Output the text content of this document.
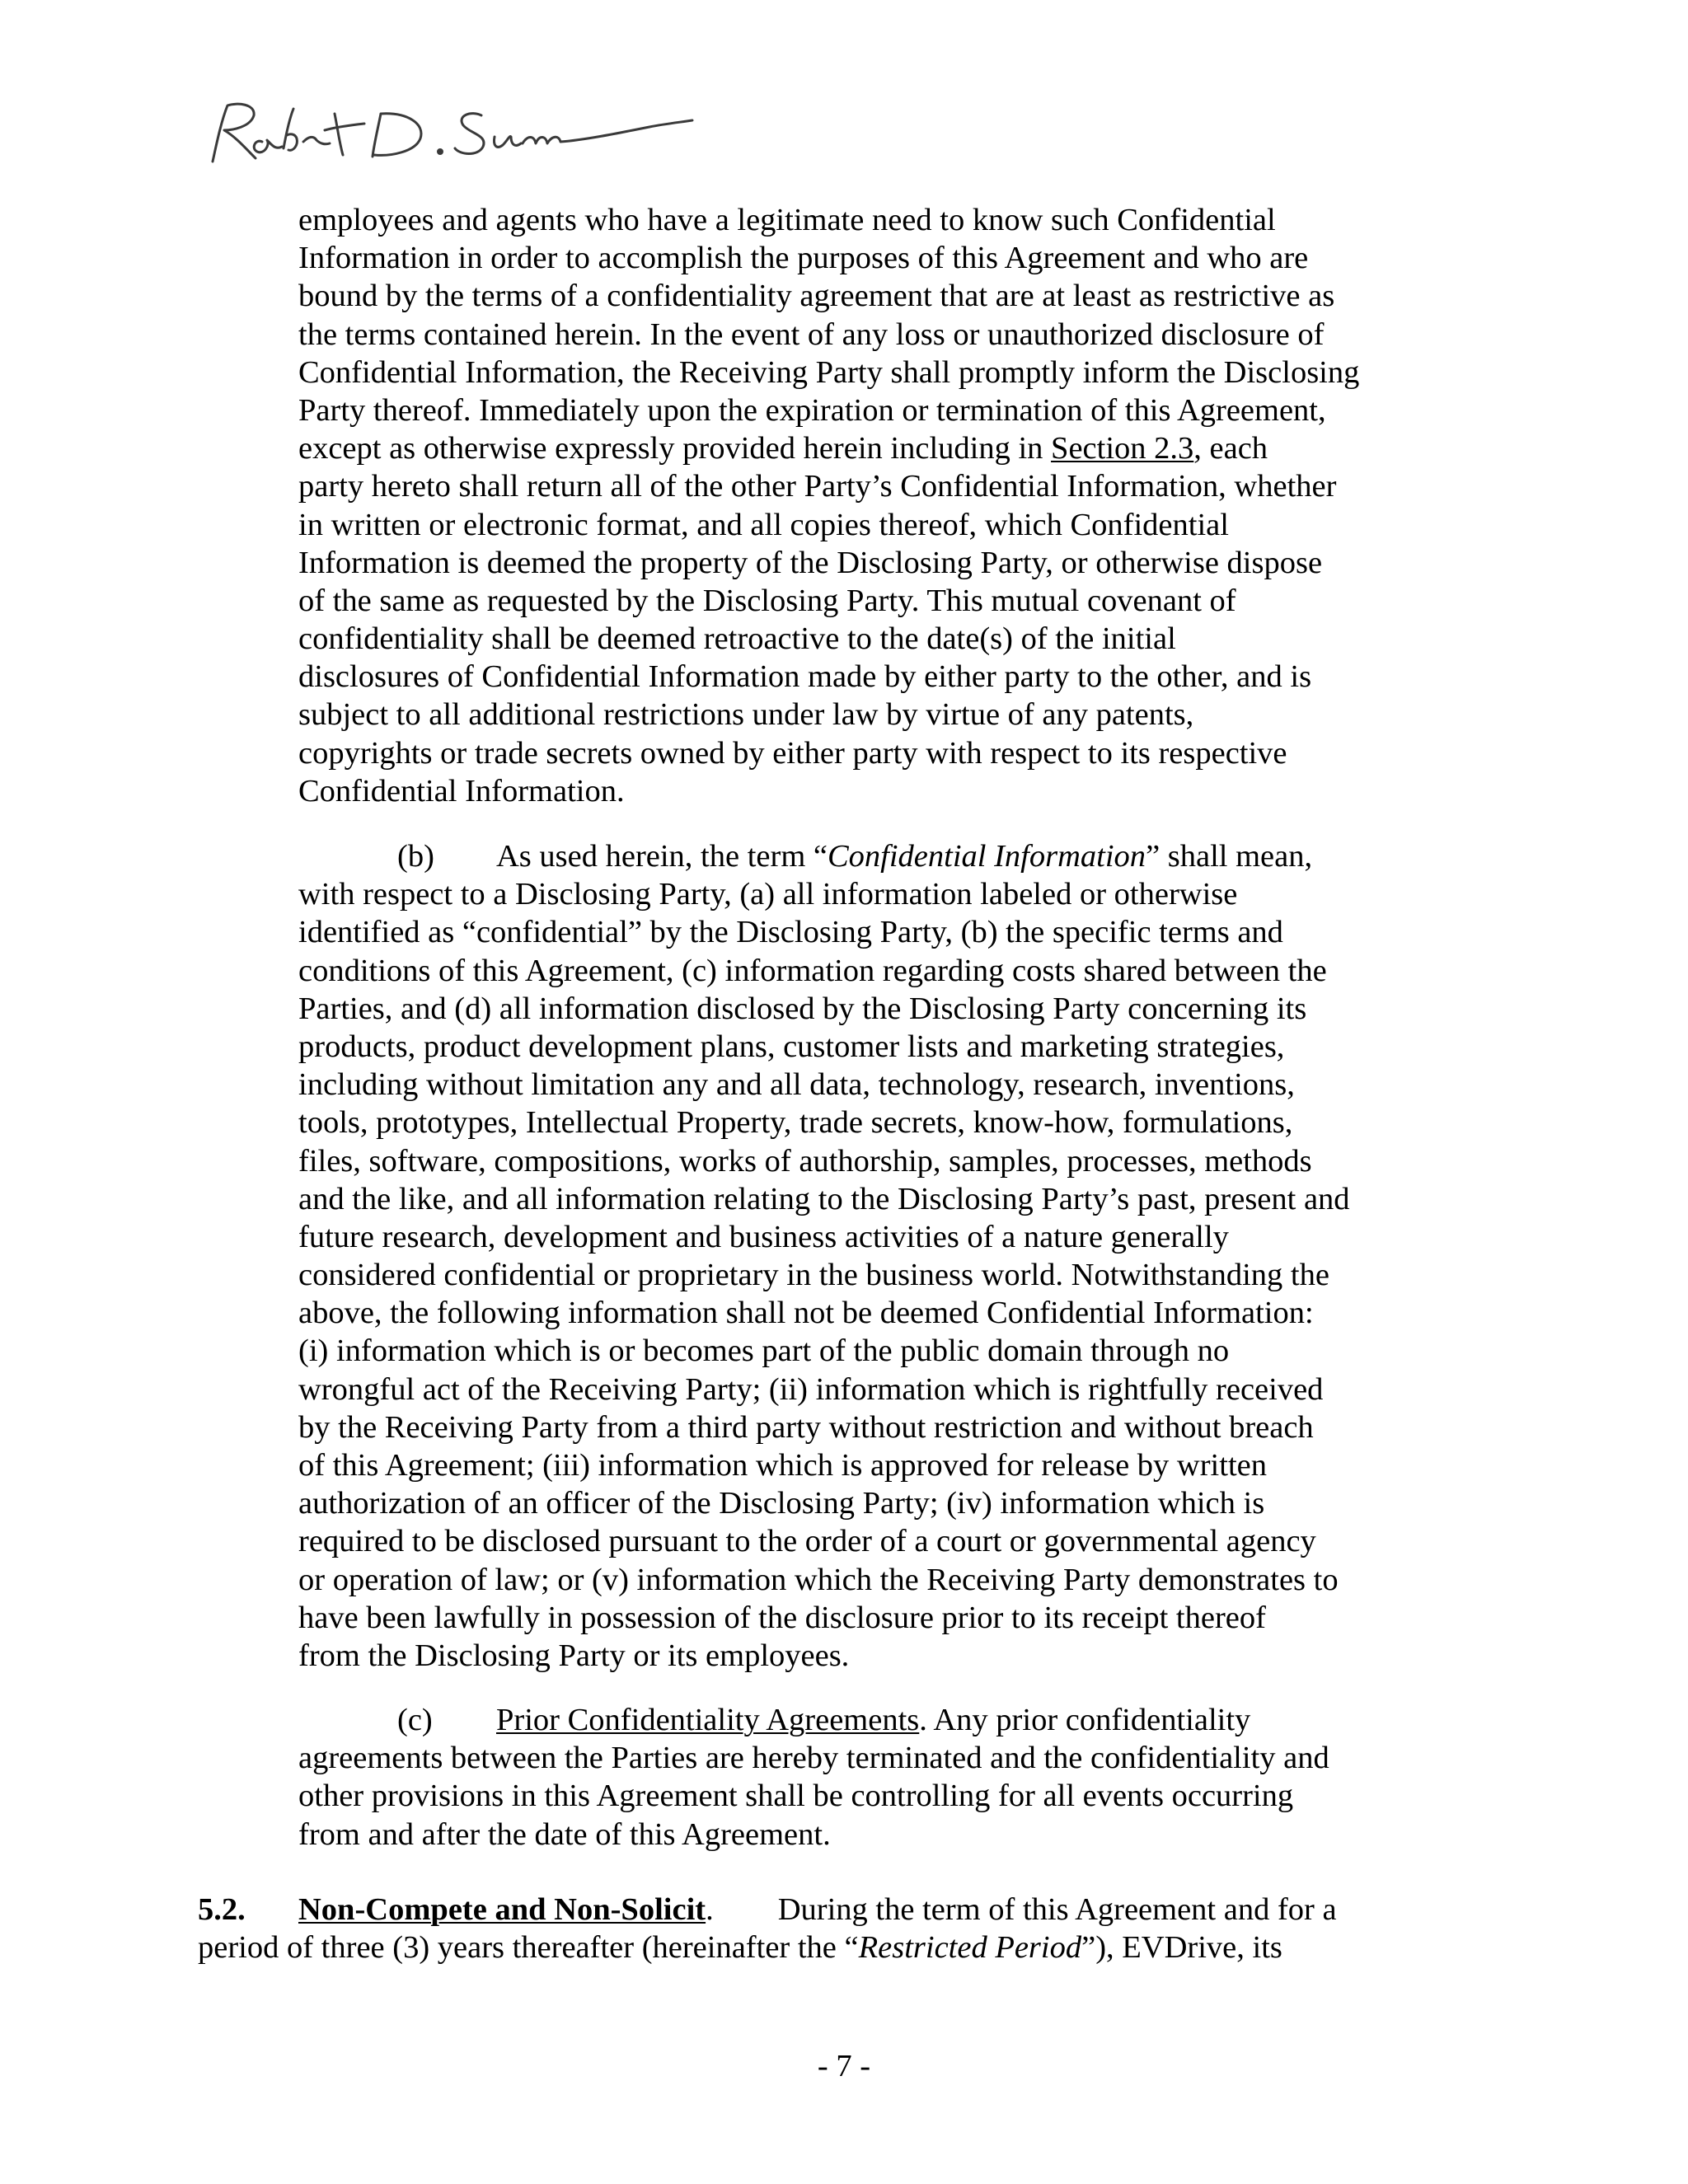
employees and agents who have a legitimate need to know such Confidential
Information in order to accomplish the purposes of this Agreement and who are
bound by the terms of a confidentiality agreement that are at least as restrictive as
the terms contained herein. In the event of any loss or unauthorized disclosure of
Confidential Information, the Receiving Party shall promptly inform the Disclosing
Party thereof. Immediately upon the expiration or termination of this Agreement,
except as otherwise expressly provided herein including in Section 2.3, each
party hereto shall return all of the other Party’s Confidential Information, whether
in written or electronic format, and all copies thereof, which Confidential
Information is deemed the property of the Disclosing Party, or otherwise dispose
of the same as requested by the Disclosing Party. This mutual covenant of
confidentiality shall be deemed retroactive to the date(s) of the initial
disclosures of Confidential Information made by either party to the other, and is
subject to all additional restrictions under law by virtue of any patents,
copyrights or trade secrets owned by either party with respect to its respective
Confidential Information.
(b) As used herein, the term “Confidential Information” shall mean,
with respect to a Disclosing Party, (a) all information labeled or otherwise
identified as “confidential” by the Disclosing Party, (b) the specific terms and
conditions of this Agreement, (c) information regarding costs shared between the
Parties, and (d) all information disclosed by the Disclosing Party concerning its
products, product development plans, customer lists and marketing strategies,
including without limitation any and all data, technology, research, inventions,
tools, prototypes, Intellectual Property, trade secrets, know-how, formulations,
files, software, compositions, works of authorship, samples, processes, methods
and the like, and all information relating to the Disclosing Party’s past, present and
future research, development and business activities of a nature generally
considered confidential or proprietary in the business world. Notwithstanding the
above, the following information shall not be deemed Confidential Information:
(i) information which is or becomes part of the public domain through no
wrongful act of the Receiving Party; (ii) information which is rightfully received
by the Receiving Party from a third party without restriction and without breach
of this Agreement; (iii) information which is approved for release by written
authorization of an officer of the Disclosing Party; (iv) information which is
required to be disclosed pursuant to the order of a court or governmental agency
or operation of law; or (v) information which the Receiving Party demonstrates to
have been lawfully in possession of the disclosure prior to its receipt thereof
from the Disclosing Party or its employees.
(c) Prior Confidentiality Agreements. Any prior confidentiality
agreements between the Parties are hereby terminated and the confidentiality and
other provisions in this Agreement shall be controlling for all events occurring
from and after the date of this Agreement.
5.2. Non-Compete and Non-Solicit. During the term of this Agreement and for a
period of three (3) years thereafter (hereinafter the “Restricted Period”), EVDrive, its
- 7 -
